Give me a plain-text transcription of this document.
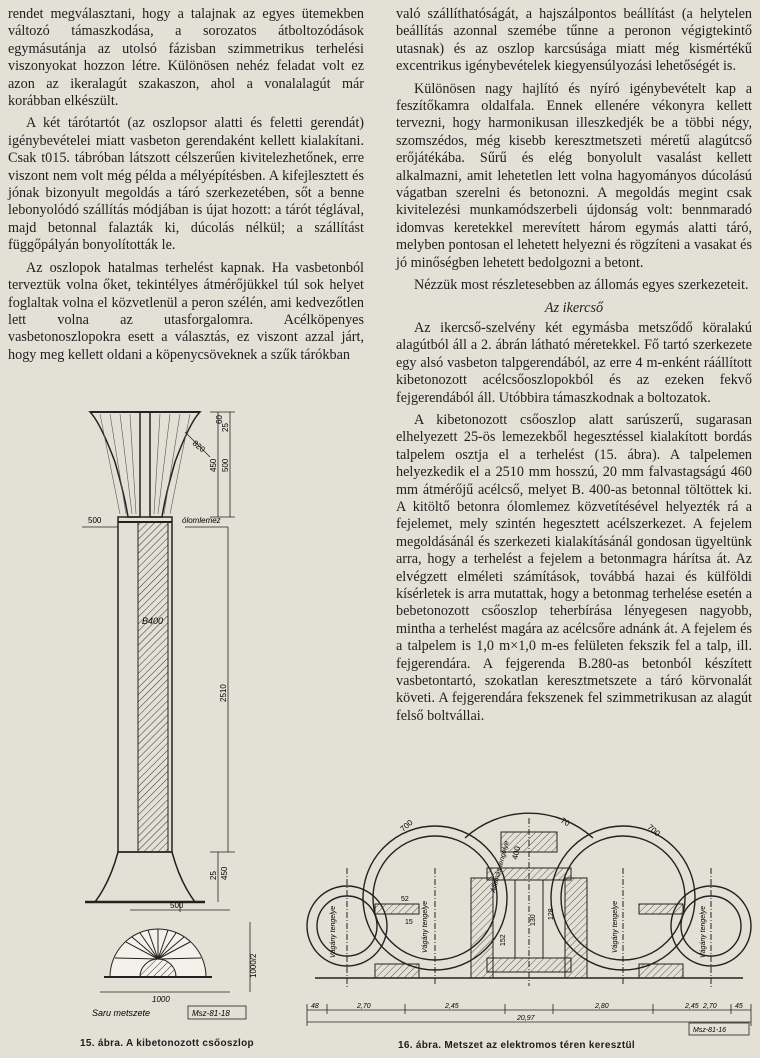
rendet megválasztani, hogy a talajnak az egyes ütemekben változó támaszkodása, a sorozatos átboltozódások egymásutánja az utolsó fázisban szimmetrikus terhelési viszonyokat hozzon létre. Különösen nehéz feladat volt ez azon az ikeralagút szakaszon, ahol a vonalalagút már korábban elkészült.

A két tárótartót (az oszlopsor alatti és feletti gerendát) igénybevételei miatt vasbeton gerendaként kellett kialakítani. Csak t015. tábróban látszott célszerűen kivitelezhetőnek, erre viszont nem volt még példa a mélyépítésben. A kifejlesztett és jónak bizonyult megoldás a táró szerkezetében, sőt a benne lebonyolódó szállítás módjában is újat hozott: a tárót téglával, majd betonnal falazták ki, dúcolás nélkül; a szállítást függőpályán bonyolították le.

Az oszlopok hatalmas terhelést kapnak. Ha vasbetonból terveztük volna őket, tekintélyes átmérőjükkel túl sok helyet foglaltak volna el közvetlenül a peron szélén, ami kedvezőtlen lett volna az utasforgalomra. Acélköpenyes vasbetonoszlopokra esett a választás, ez viszont azzal járt, hogy meg kellett oldani a köpenycsöveknek a szűk tárókban

való szállíthatóságát, a hajszálpontos beállítást (a helytelen beállítás azonnal szemébe tűnne a peronon végigtekintő utasnak) és az oszlop karcsúsága miatt még kismértékű excentrikus igénybevételek kiegyensúlyozási lehetőségét is.

Különösen nagy hajlító és nyíró igénybevételt kap a feszítőkamra oldalfala. Ennek ellenére vékonyra kellett tervezni, hogy harmonikusan illeszkedjék be a többi négy, szomszédos, még kisebb keresztmetszeti méretű alagútcső erőjátékába. Sűrű és elég bonyolult vasalást kellett alkalmazni, amit lehetetlen lett volna hagyományos dúcolású vágatban szerelni és betonozni. A megoldás megint csak kivitelezési munkamódszerbeli újdonság volt: bennmaradó idomvas keretekkel merevített három egymás alatti táró, melyben pontosan el lehetett helyezni és rögzíteni a vasakat és jó minőségben lehetett bedolgozni a betont.

Nézzük most részletesebben az állomás egyes szerkezeteit.

Az ikercső

Az ikercső-szelvény két egymásba metsződő köralakú alagútból áll a 2. ábrán látható méretekkel. Fő tartó szerkezete egy alsó vasbeton talpgerendából, az erre 4 m-enként ráállított kibetonozott acélcsőoszlopokból és az ezeken fekvő fejgerendából áll. Utóbbira támaszkodnak a boltozatok.

A kibetonozott csőoszlop alatt sarúszerű, sugarasan elhelyezett 25-ös lemezekből hegesztéssel kialakított bordás talpelem osztja el a terhelést (15. ábra). A talpelemen helyezkedik el a 2510 mm hosszú, 20 mm falvastagságú 460 mm átmérőjű acélcső, melyet B. 400-as betonnal töltöttek ki. A kitöltő betonra ólomlemez közvetítésével helyezték rá a fejelemet, mely szintén hegesztett acélszerkezet. A fejelem megoldásánál és szerkezeti kialakításánál gondosan ügyeltünk arra, hogy a terhelést a fejelem a betonmagra hárítsa át. Az elvégzett elméleti számítások, továbbá hazai és külföldi kísérletek is arra mutattak, hogy a betonmag terhelése esetén a bebetonozott csőoszlop teherbírása lényegesen nagyobb, mintha a terhelést magára az acélcsőre adnánk át. A fejelem és a talpelem is 1,0 m×1,0 m-es felületen fekszik fel a talp, ill. fejgerendára. A fejgerenda B.280-as betonból készített vasbetontartó, szokatlan keresztmetszete a táró körvonalát követi. A fejgerendára fekszenek fel szimmetrikusan az alagút felső boltvállai.

60
450 500
25
820
500	ólomlemez
B400
2510
25 450
500
1000/2
1000
Saru metszete	Msz-81-18
15. ábra. A kibetonozott csőoszlop
700	700
70
400
Állomás tengelye
152
130
128
52
15
Vágány tengelye	Vágány tengelye	Vágány tengelye	Vágány tengelye
48	2,70	2,45	2,80	2,45 2,70	45
20,97
Msz-81-16
16. ábra. Metszet az elektromos téren keresztül
